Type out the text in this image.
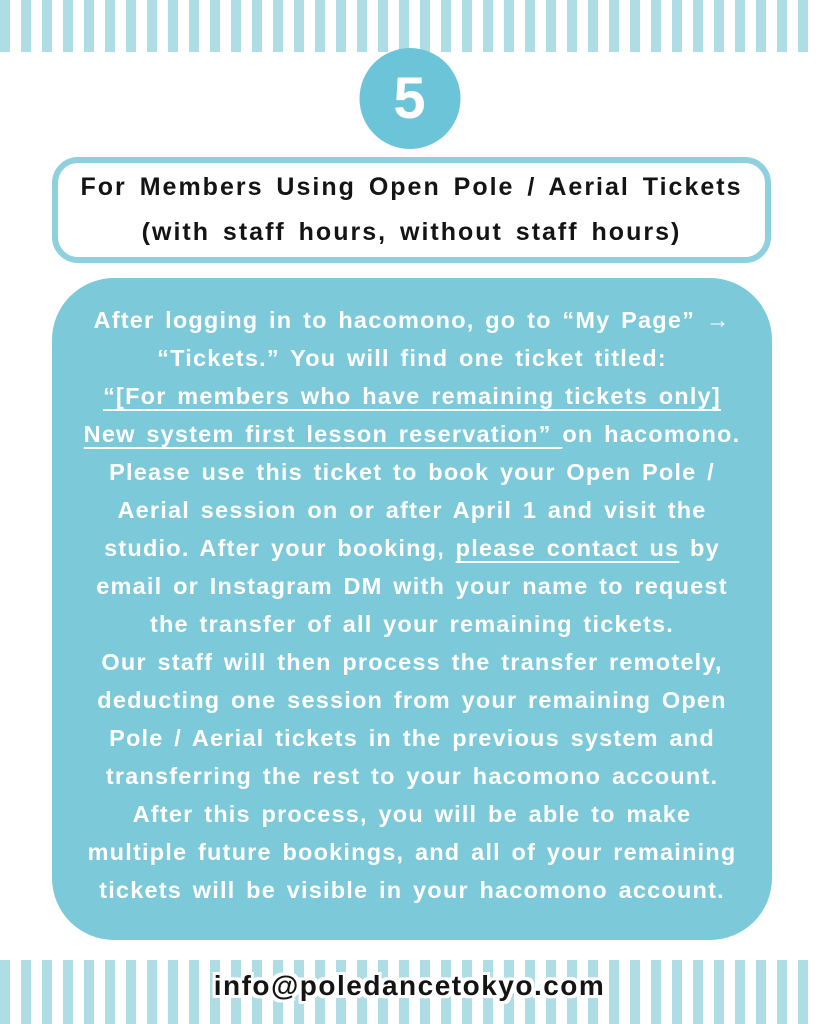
5
For Members Using Open Pole / Aerial Tickets
(with staff hours, without staff hours)
After logging in to hacomono, go to “My Page” →
“Tickets.” You will find one ticket titled:
“[For members who have remaining tickets only]
New system first lesson reservation” on hacomono.
Please use this ticket to book your Open Pole /
Aerial session on or after April 1 and visit the
studio. After your booking, please contact us by
email or Instagram DM with your name to request
the transfer of all your remaining tickets.
Our staff will then process the transfer remotely,
deducting one session from your remaining Open
Pole / Aerial tickets in the previous system and
transferring the rest to your hacomono account.
After this process, you will be able to make
multiple future bookings, and all of your remaining
tickets will be visible in your hacomono account.
info@poledancetokyo.com
